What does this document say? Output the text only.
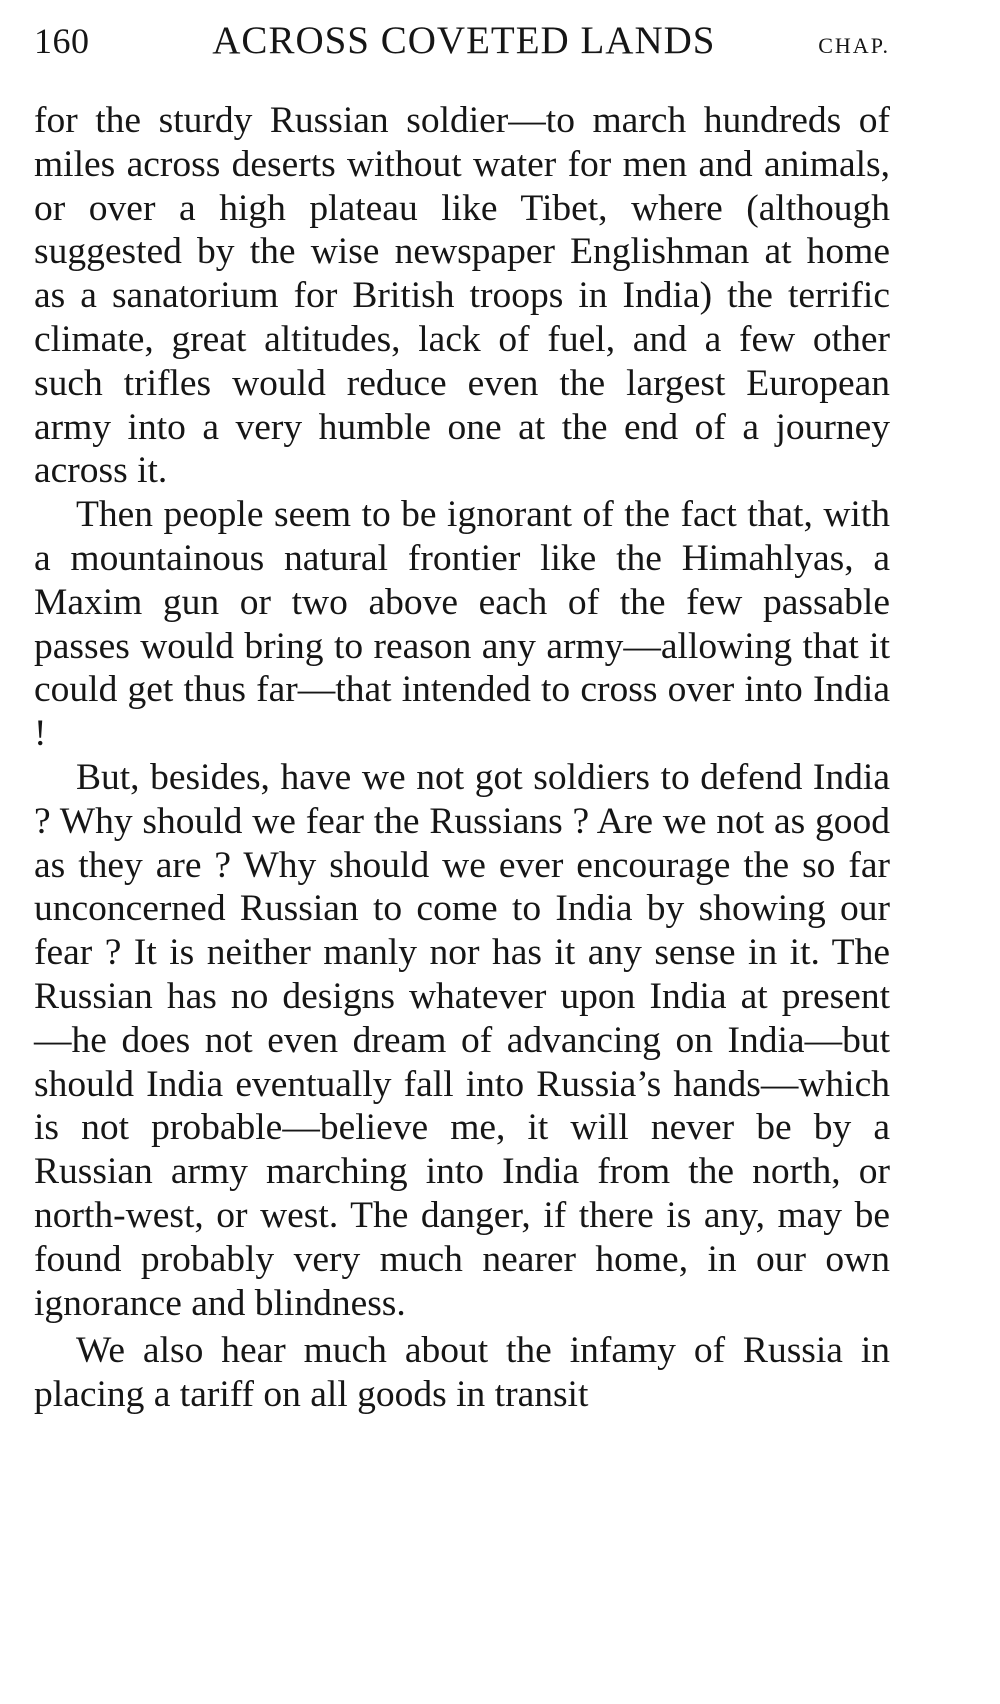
160	ACROSS COVETED LANDS	CHAP.

for the sturdy Russian soldier—to march hundreds of miles across deserts without water for men and animals, or over a high plateau like Tibet, where (although suggested by the wise newspaper Englishman at home as a sanatorium for British troops in India) the terrific climate, great altitudes, lack of fuel, and a few other such trifles would reduce even the largest European army into a very humble one at the end of a journey across it.

Then people seem to be ignorant of the fact that, with a mountainous natural frontier like the Himahlyas, a Maxim gun or two above each of the few passable passes would bring to reason any army—allowing that it could get thus far—that intended to cross over into India !

But, besides, have we not got soldiers to defend India ? Why should we fear the Russians ? Are we not as good as they are ? Why should we ever encourage the so far unconcerned Russian to come to India by showing our fear ? It is neither manly nor has it any sense in it. The Russian has no designs whatever upon India at present—he does not even dream of advancing on India—but should India eventually fall into Russia’s hands—which is not probable—believe me, it will never be by a Russian army marching into India from the north, or north-west, or west. The danger, if there is any, may be found probably very much nearer home, in our own ignorance and blindness.

We also hear much about the infamy of Russia in placing a tariff on all goods in transit
